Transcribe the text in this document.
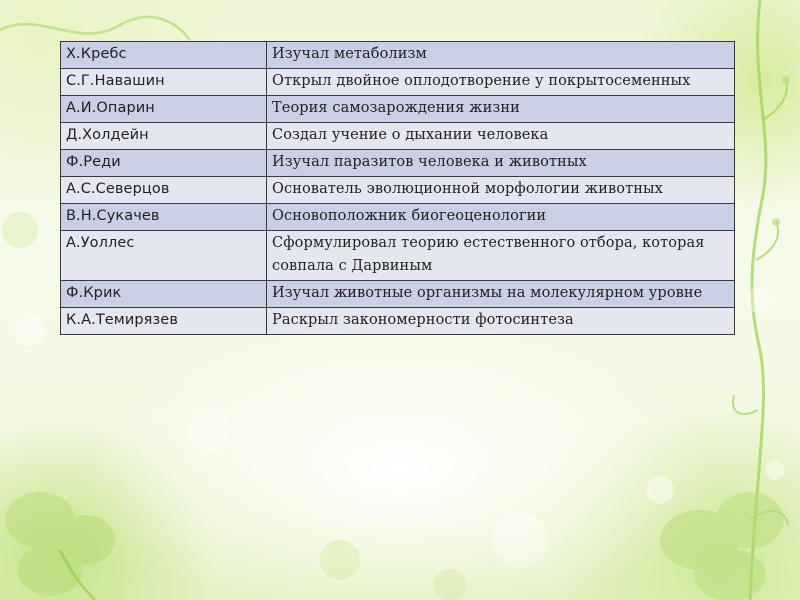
Х.Кребс	Изучал метаболизм
С.Г.Навашин	Открыл двойное оплодотворение у покрытосеменных
А.И.Опарин	Теория самозарождения жизни
Д.Холдейн	Создал учение о дыхании человека
Ф.Реди	Изучал паразитов человека и животных
А.С.Северцов	Основатель эволюционной морфологии животных
В.Н.Сукачев	Основоположник биогеоценологии
А.Уоллес	Сформулировал теорию естественного отбора, которая совпала с Дарвиным
Ф.Крик	Изучал животные организмы на молекулярном уровне
К.А.Темирязев	Раскрыл закономерности фотосинтеза
